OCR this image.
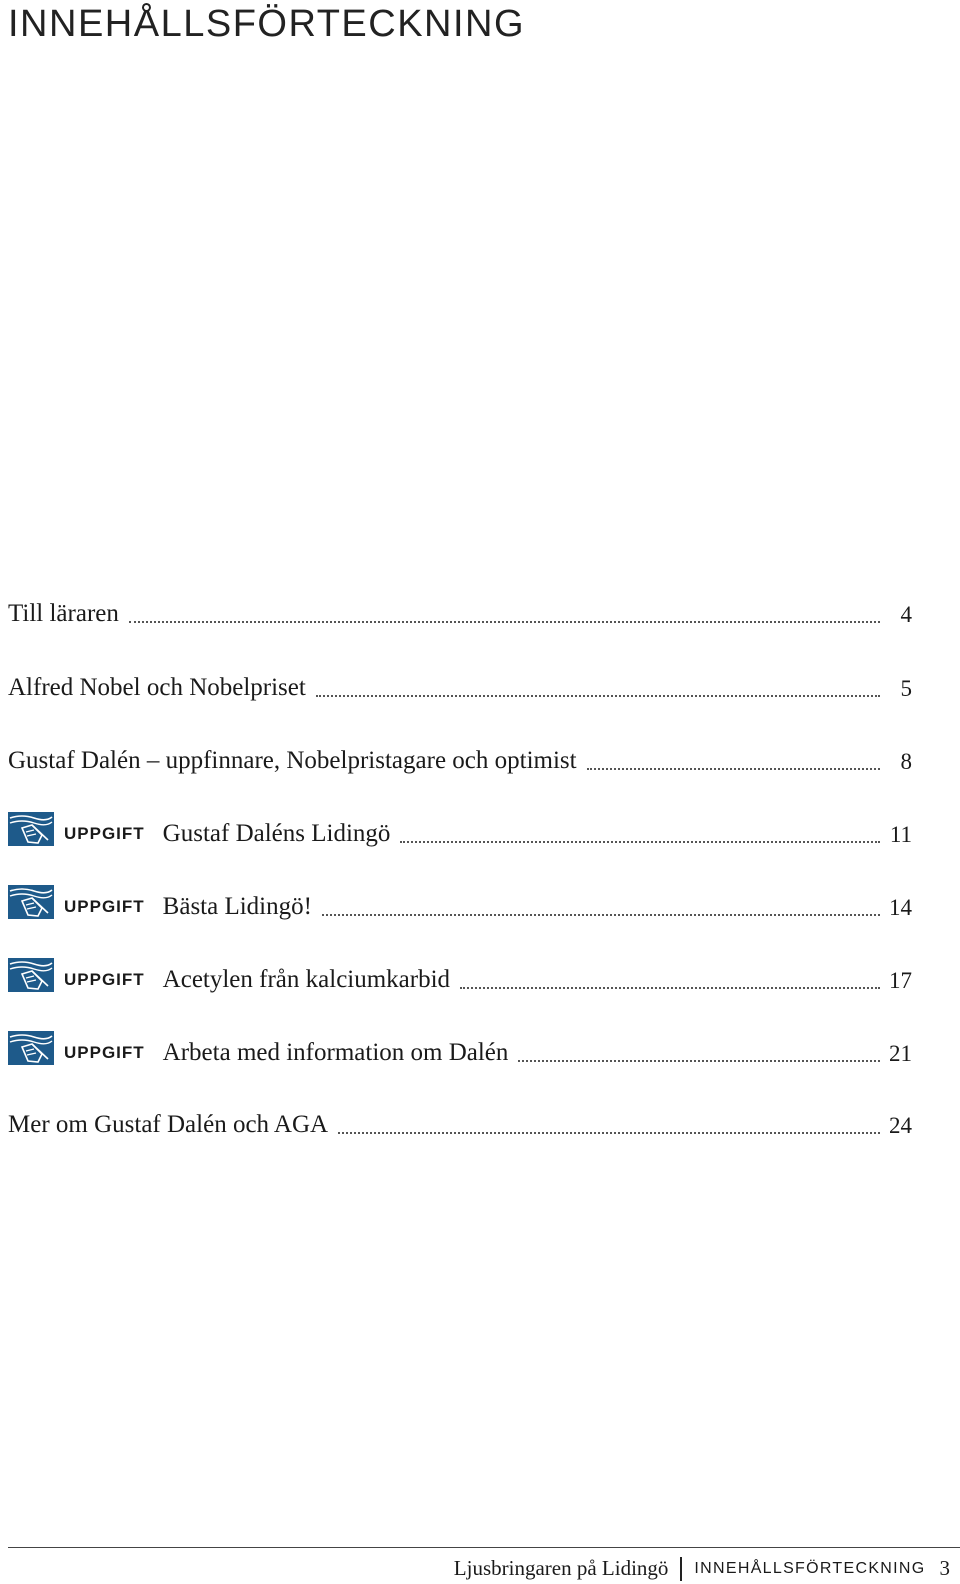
INNEHÅLLSFÖRTECKNING
Till läraren	4
Alfred Nobel och Nobelpriset	5
Gustaf Dalén – uppfinnare, Nobelpristagare och optimist	8
UPPGIFT Gustaf Daléns Lidingö	11
UPPGIFT Bästa Lidingö!	14
UPPGIFT Acetylen från kalciumkarbid	17
UPPGIFT Arbeta med information om Dalén	21
Mer om Gustaf Dalén och AGA	24
Ljusbringaren på Lidingö INNEHÅLLSFÖRTECKNING 3
